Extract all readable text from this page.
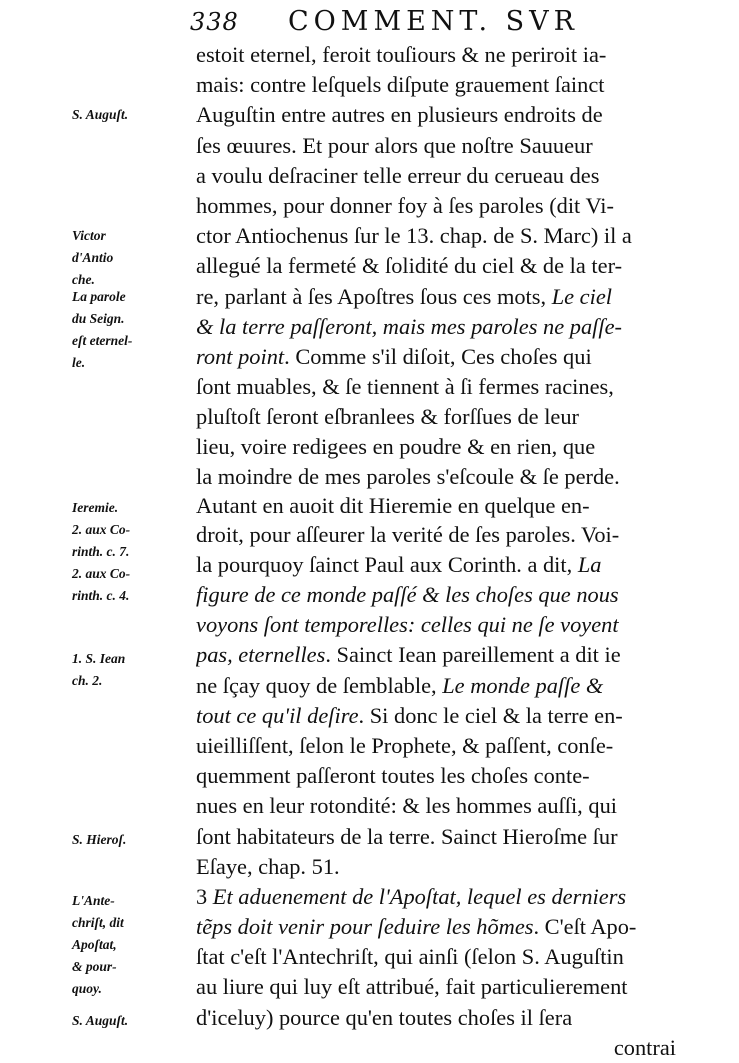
338 COMMENT. SVR
S. Auguſt.
Victor
d'Antio
che.
La parole
du Seign.
eſt eternel-
le.
Ieremie.
2. aux Co-
rinth. c. 7.
2. aux Co-
rinth. c. 4.
1. S. Iean
ch. 2.
S. Hieroſ.
L'Ante-
chriſt, dit
Apoſtat,
& pour-
quoy.
S. Auguſt.
estoit eternel, feroit touſiours & ne periroit ia-
mais: contre leſquels diſpute grauement ſainct
Auguſtin entre autres en plusieurs endroits de
ſes œuures. Et pour alors que noſtre Sauueur
a voulu deſraciner telle erreur du cerueau des
hommes, pour donner foy à ſes paroles (dit Vi-
ctor Antiochenus ſur le 13. chap. de S. Marc) il a
allegué la fermeté & ſolidité du ciel & de la ter-
re, parlant à ſes Apoſtres ſous ces mots, Le ciel
& la terre paſſeront, mais mes paroles ne paſſe-
ront point. Comme s'il diſoit, Ces choſes qui
ſont muables, & ſe tiennent à ſi fermes racines,
pluſtoſt ſeront eſbranlees & forſſues de leur
lieu, voire redigees en poudre & en rien, que
la moindre de mes paroles s'eſcoule & ſe perde.
Autant en auoit dit Hieremie en quelque en-
droit, pour aſſeurer la verité de ſes paroles. Voi-
la pourquoy ſainct Paul aux Corinth. a dit, La
figure de ce monde paſſé & les choſes que nous
voyons ſont temporelles: celles qui ne ſe voyent
pas, eternelles. Sainct Iean pareillement a dit ie
ne ſçay quoy de ſemblable, Le monde paſſe &
tout ce qu'il deſire. Si donc le ciel & la terre en-
uieilliſſent, ſelon le Prophete, & paſſent, conſe-
quemment paſſeront toutes les choſes conte-
nues en leur rotondité: & les hommes auſſi, qui
ſont habitateurs de la terre. Sainct Hieroſme ſur
Eſaye, chap. 51.
3 Et aduenement de l'Apoſtat, lequel es derniers
tẽps doit venir pour ſeduire les hõmes. C'eſt Apo-
ſtat c'eſt l'Antechriſt, qui ainſi (ſelon S. Auguſtin
au liure qui luy eſt attribué, fait particulierement
d'iceluy) pource qu'en toutes choſes il ſera
contrai
